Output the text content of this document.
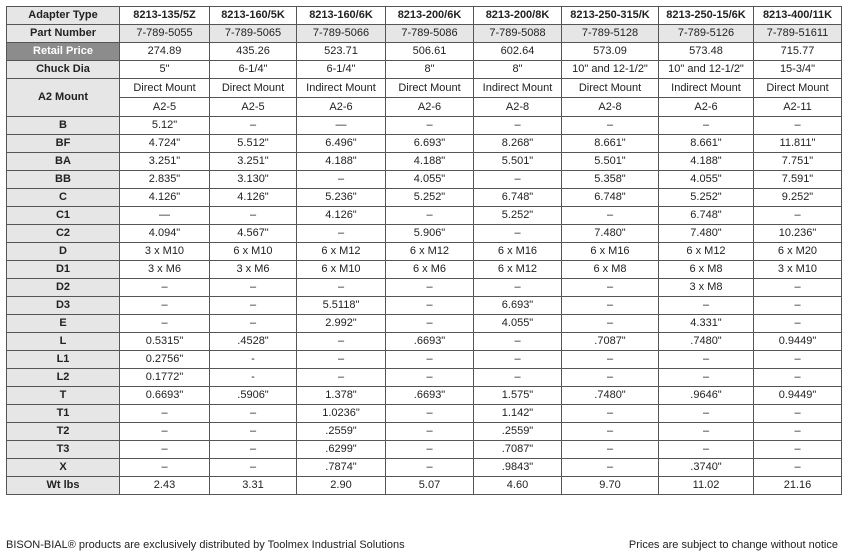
Adapter Type	8213-135/5Z	8213-160/5K	8213-160/6K	8213-200/6K	8213-200/8K	8213-250-315/K	8213-250-15/6K	8213-400/11K
Part Number	7-789-5055	7-789-5065	7-789-5066	7-789-5086	7-789-5088	7-789-5128	7-789-5126	7-789-51611
Retail Price	274.89	435.26	523.71	506.61	602.64	573.09	573.48	715.77
Chuck Dia	5"	6-1/4"	6-1/4"	8"	8"	10" and 12-1/2"	10" and 12-1/2"	15-3/4"
A2 Mount	Direct Mount	Direct Mount	Indirect Mount	Direct Mount	Indirect Mount	Direct Mount	Indirect Mount	Direct Mount
	A2-5	A2-5	A2-6	A2-6	A2-8	A2-8	A2-6	A2-11
B	5.12"	–	—	–	–	–	–	–
BF	4.724"	5.512"	6.496"	6.693"	8.268"	8.661"	8.661"	11.811"
BA	3.251"	3.251"	4.188"	4.188"	5.501"	5.501"	4.188"	7.751"
BB	2.835"	3.130"	–	4.055"	–	5.358"	4.055"	7.591"
C	4.126"	4.126"	5.236"	5.252"	6.748"	6.748"	5.252"	9.252"
C1	—	–	4.126"	–	5.252"	–	6.748"	–
C2	4.094"	4.567"	–	5.906"	–	7.480"	7.480"	10.236"
D	3 x M10	6 x M10	6 x M12	6 x M12	6 x M16	6 x M16	6 x M12	6 x M20
D1	3 x M6	3 x M6	6 x M10	6 x M6	6 x M12	6 x M8	6 x M8	3 x M10
D2	–	–	–	–	–	–	3 x M8	–
D3	–	–	5.5118"	–	6.693"	–	–	–
E	–	–	2.992"	–	4.055"	–	4.331"	–
L	0.5315"	.4528"	–	.6693"	–	.7087"	.7480"	0.9449"
L1	0.2756"	-	–	–	–	–	–	–
L2	0.1772"	-	–	–	–	–	–	–
T	0.6693"	.5906"	1.378"	.6693"	1.575"	.7480"	.9646"	0.9449"
T1	–	–	1.0236"	–	1.142"	–	–	–
T2	–	–	.2559"	–	.2559"	–	–	–
T3	–	–	.6299"	–	.7087"	–	–	–
X	–	–	.7874"	–	.9843"	–	.3740"	–
Wt lbs	2.43	3.31	2.90	5.07	4.60	9.70	11.02	21.16
BISON-BIAL® products are exclusively distributed by Toolmex Industrial Solutions	Prices are subject to change without notice
